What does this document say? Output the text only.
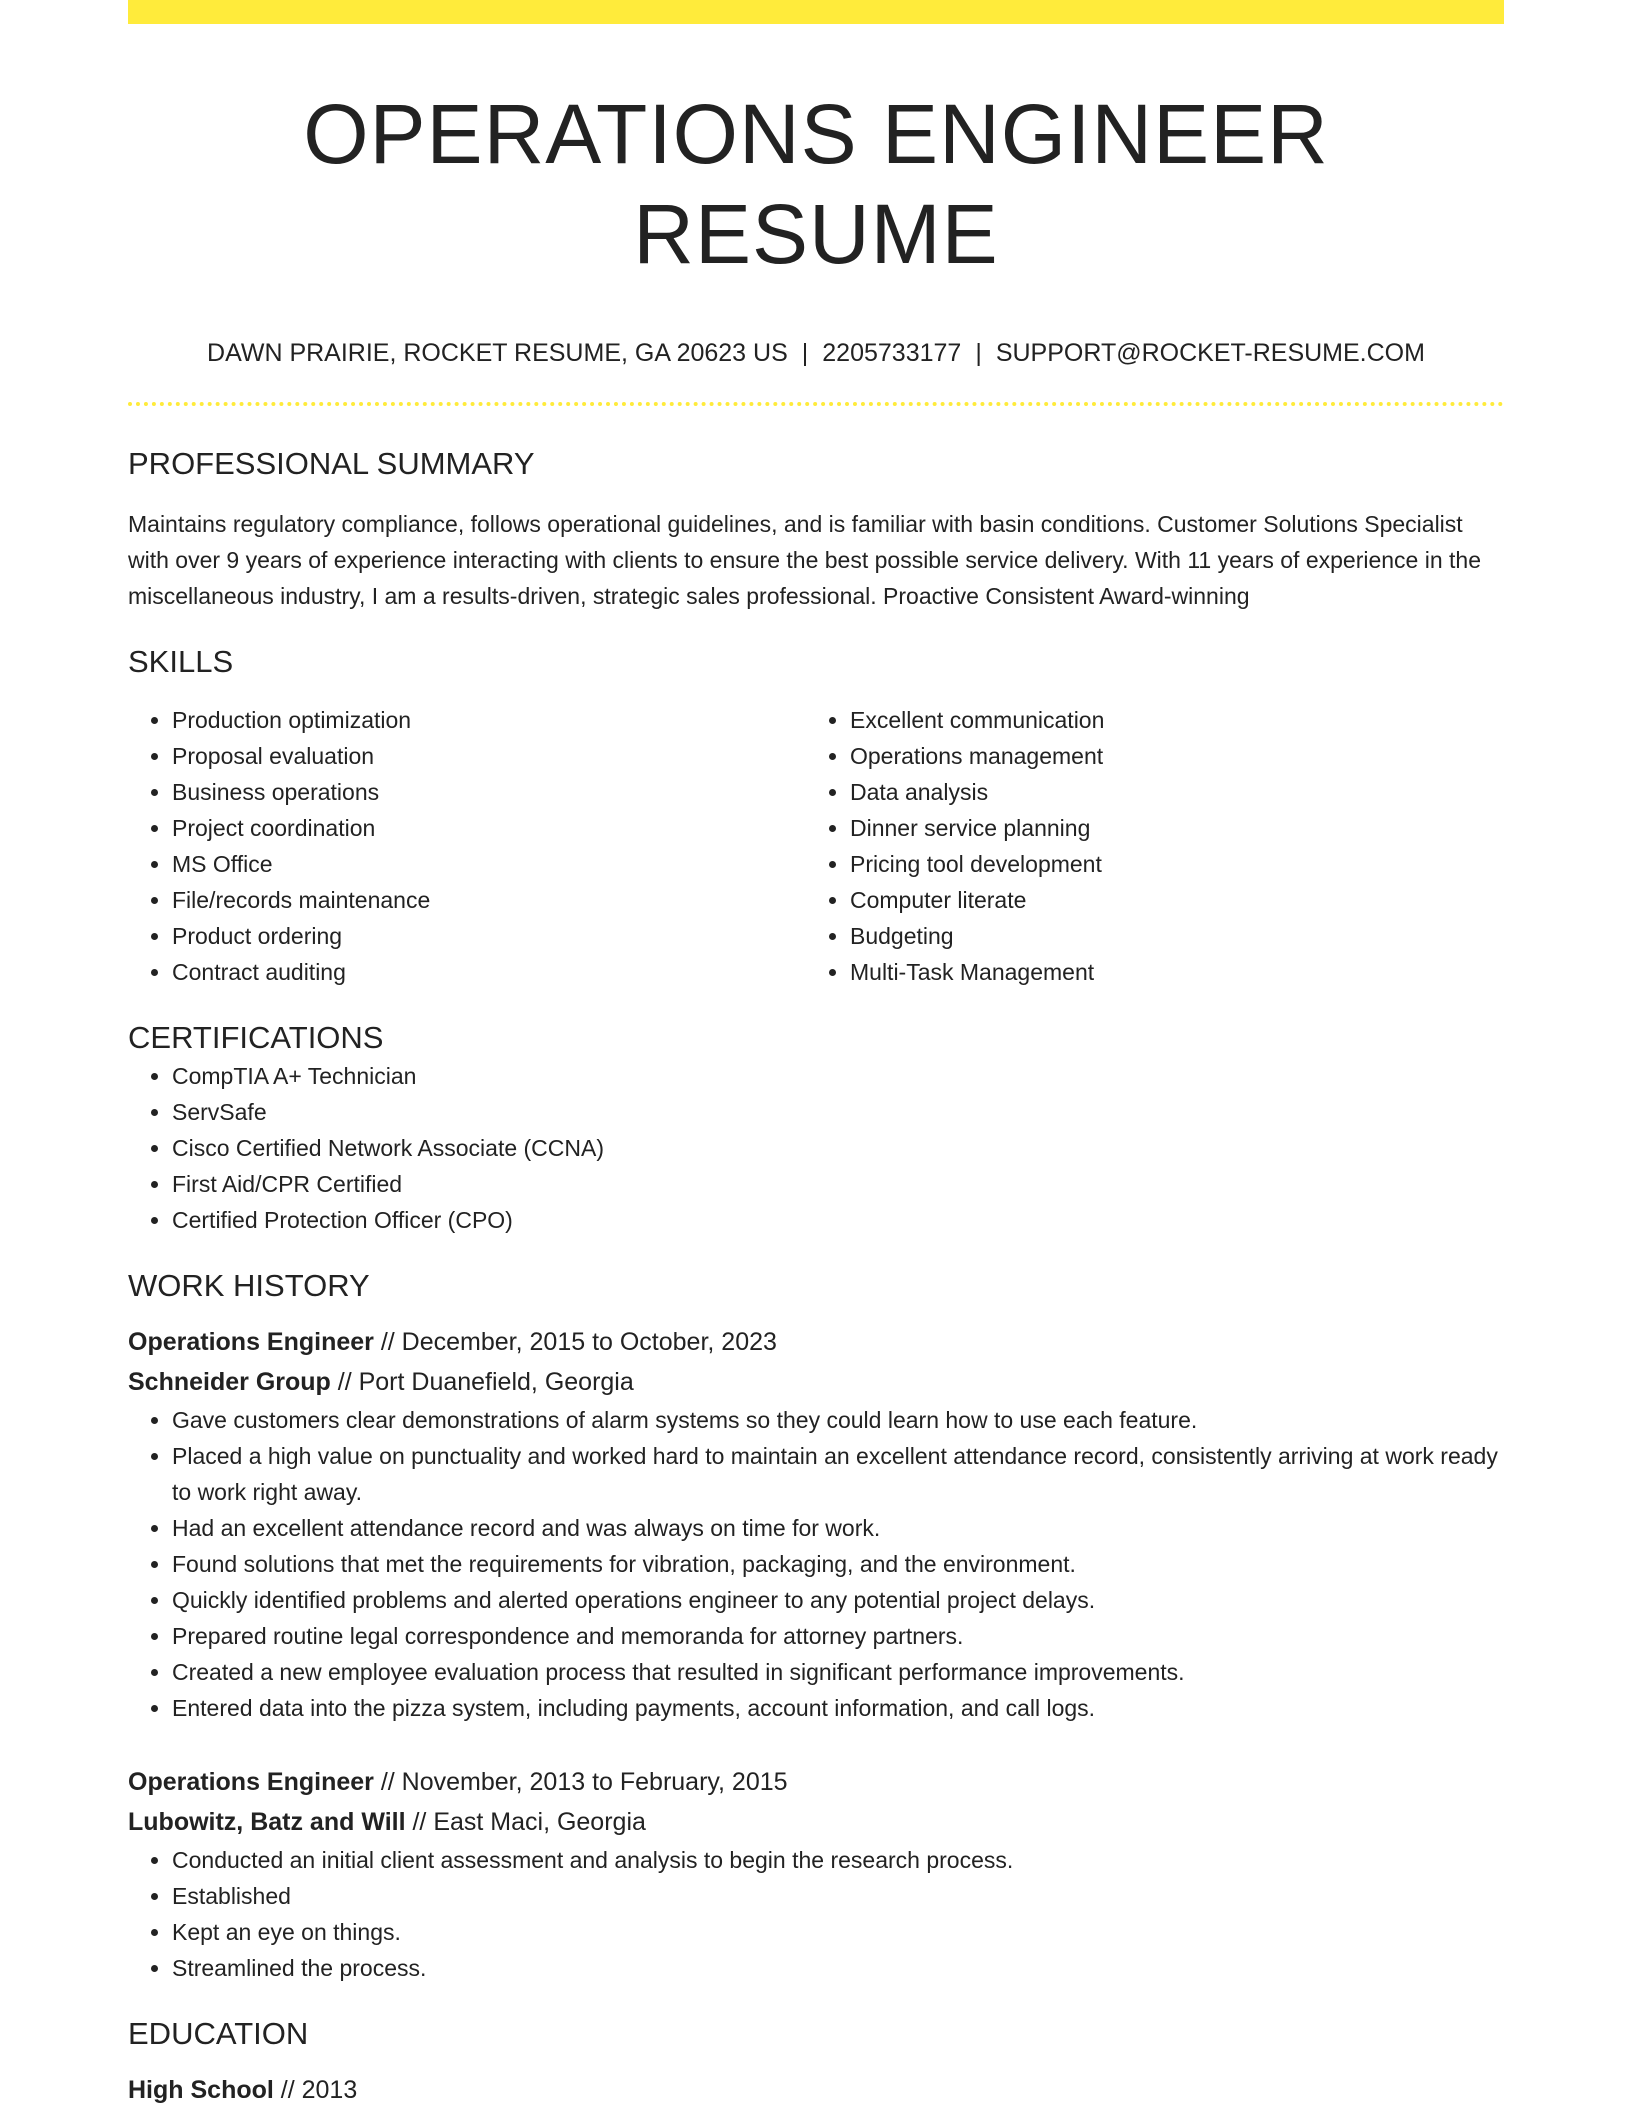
OPERATIONS ENGINEER RESUME
DAWN PRAIRIE, ROCKET RESUME, GA 20623 US | 2205733177 | SUPPORT@ROCKET-RESUME.COM
PROFESSIONAL SUMMARY
Maintains regulatory compliance, follows operational guidelines, and is familiar with basin conditions. Customer Solutions Specialist with over 9 years of experience interacting with clients to ensure the best possible service delivery. With 11 years of experience in the miscellaneous industry, I am a results-driven, strategic sales professional. Proactive Consistent Award-winning
SKILLS
• Production optimization
• Proposal evaluation
• Business operations
• Project coordination
• MS Office
• File/records maintenance
• Product ordering
• Contract auditing
• Excellent communication
• Operations management
• Data analysis
• Dinner service planning
• Pricing tool development
• Computer literate
• Budgeting
• Multi-Task Management
CERTIFICATIONS
• CompTIA A+ Technician
• ServSafe
• Cisco Certified Network Associate (CCNA)
• First Aid/CPR Certified
• Certified Protection Officer (CPO)
WORK HISTORY
Operations Engineer // December, 2015 to October, 2023
Schneider Group // Port Duanefield, Georgia
• Gave customers clear demonstrations of alarm systems so they could learn how to use each feature.
• Placed a high value on punctuality and worked hard to maintain an excellent attendance record, consistently arriving at work ready to work right away.
• Had an excellent attendance record and was always on time for work.
• Found solutions that met the requirements for vibration, packaging, and the environment.
• Quickly identified problems and alerted operations engineer to any potential project delays.
• Prepared routine legal correspondence and memoranda for attorney partners.
• Created a new employee evaluation process that resulted in significant performance improvements.
• Entered data into the pizza system, including payments, account information, and call logs.
Operations Engineer // November, 2013 to February, 2015
Lubowitz, Batz and Will // East Maci, Georgia
• Conducted an initial client assessment and analysis to begin the research process.
• Established
• Kept an eye on things.
• Streamlined the process.
EDUCATION
High School // 2013
